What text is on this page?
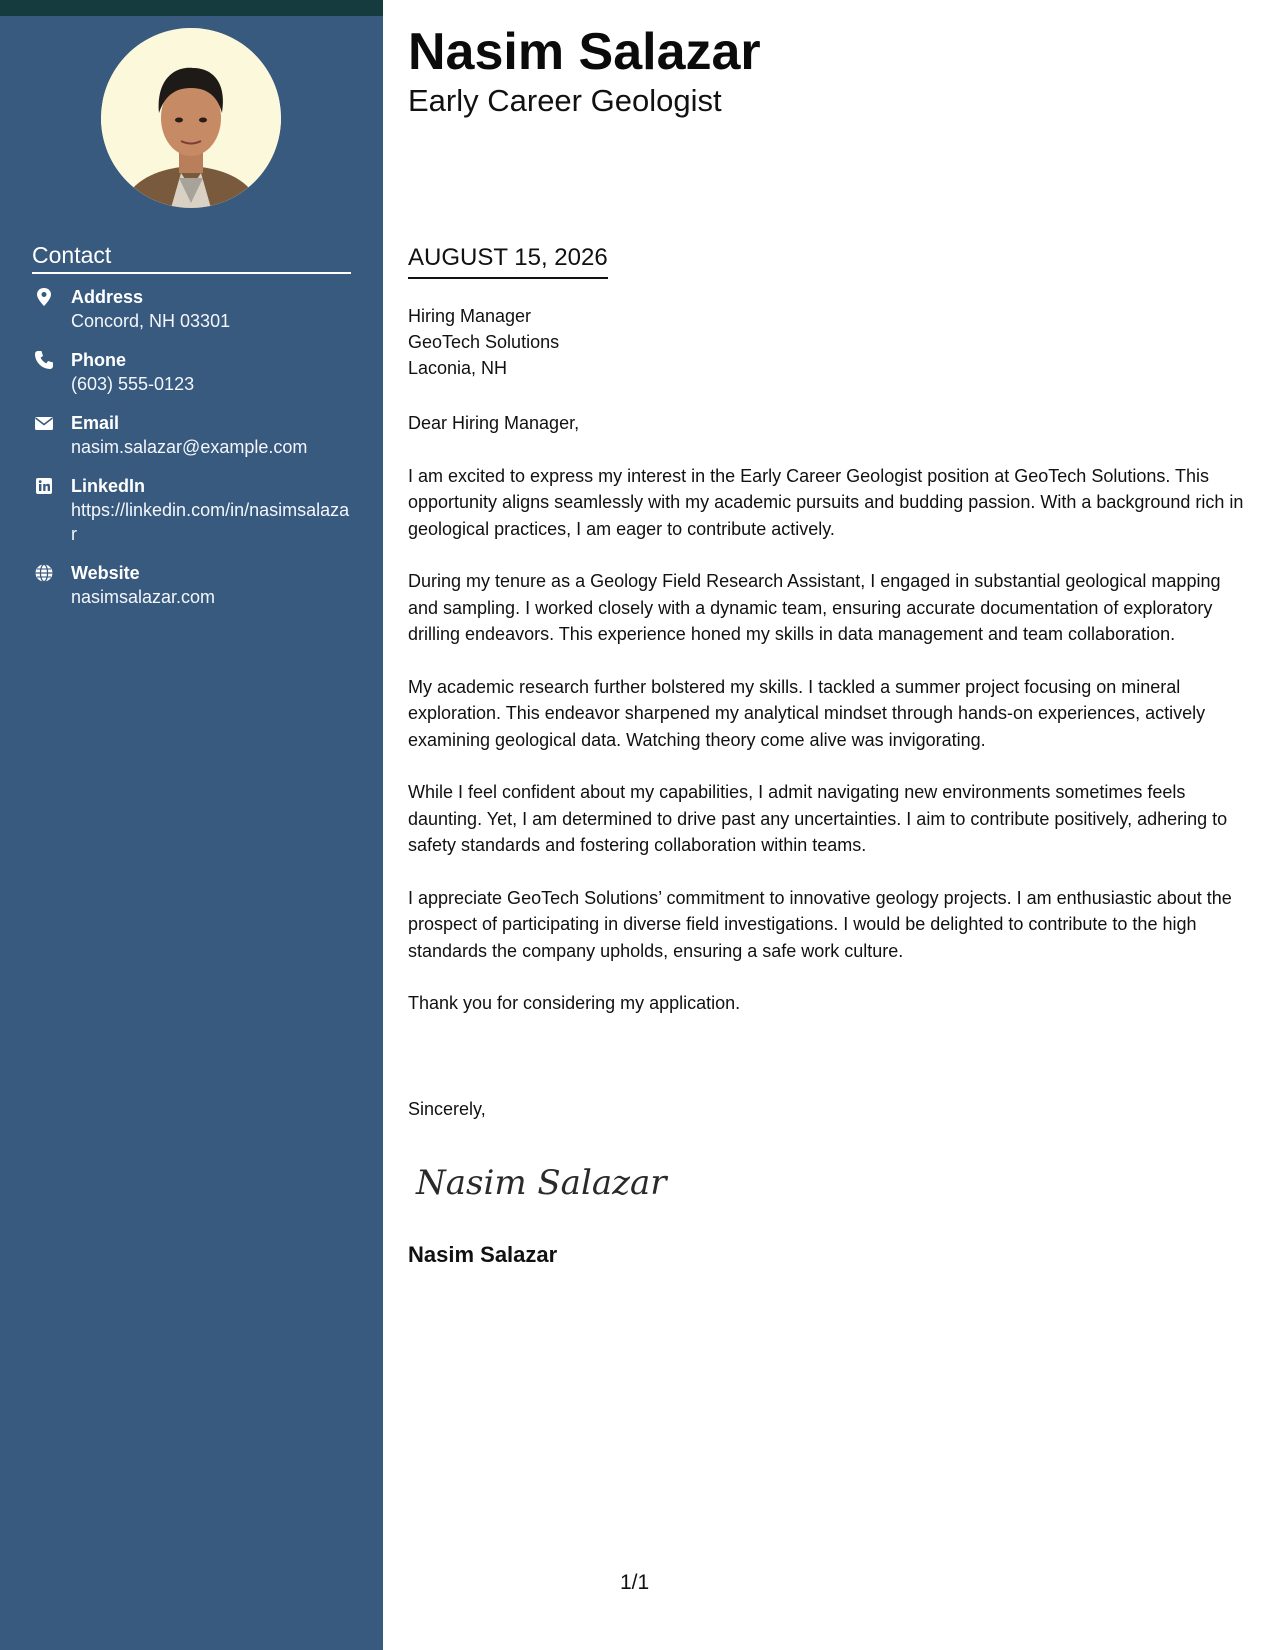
Contact
Address
Concord, NH 03301
Phone
(603) 555-0123
Email
nasim.salazar@example.com
LinkedIn
https://linkedin.com/in/nasimsalazar
Website
nasimsalazar.com
Nasim Salazar
Early Career Geologist
AUGUST 15, 2026
Hiring Manager
GeoTech Solutions
Laconia, NH
Dear Hiring Manager,

I am excited to express my interest in the Early Career Geologist position at GeoTech Solutions. This opportunity aligns seamlessly with my academic pursuits and budding passion. With a background rich in geological practices, I am eager to contribute actively.

During my tenure as a Geology Field Research Assistant, I engaged in substantial geological mapping and sampling. I worked closely with a dynamic team, ensuring accurate documentation of exploratory drilling endeavors. This experience honed my skills in data management and team collaboration.

My academic research further bolstered my skills. I tackled a summer project focusing on mineral exploration. This endeavor sharpened my analytical mindset through hands-on experiences, actively examining geological data. Watching theory come alive was invigorating.

While I feel confident about my capabilities, I admit navigating new environments sometimes feels daunting. Yet, I am determined to drive past any uncertainties. I aim to contribute positively, adhering to safety standards and fostering collaboration within teams.

I appreciate GeoTech Solutions’ commitment to innovative geology projects. I am enthusiastic about the prospect of participating in diverse field investigations. I would be delighted to contribute to the high standards the company upholds, ensuring a safe work culture.

Thank you for considering my application.

Sincerely,
Nasim Salazar
Nasim Salazar
1/1
